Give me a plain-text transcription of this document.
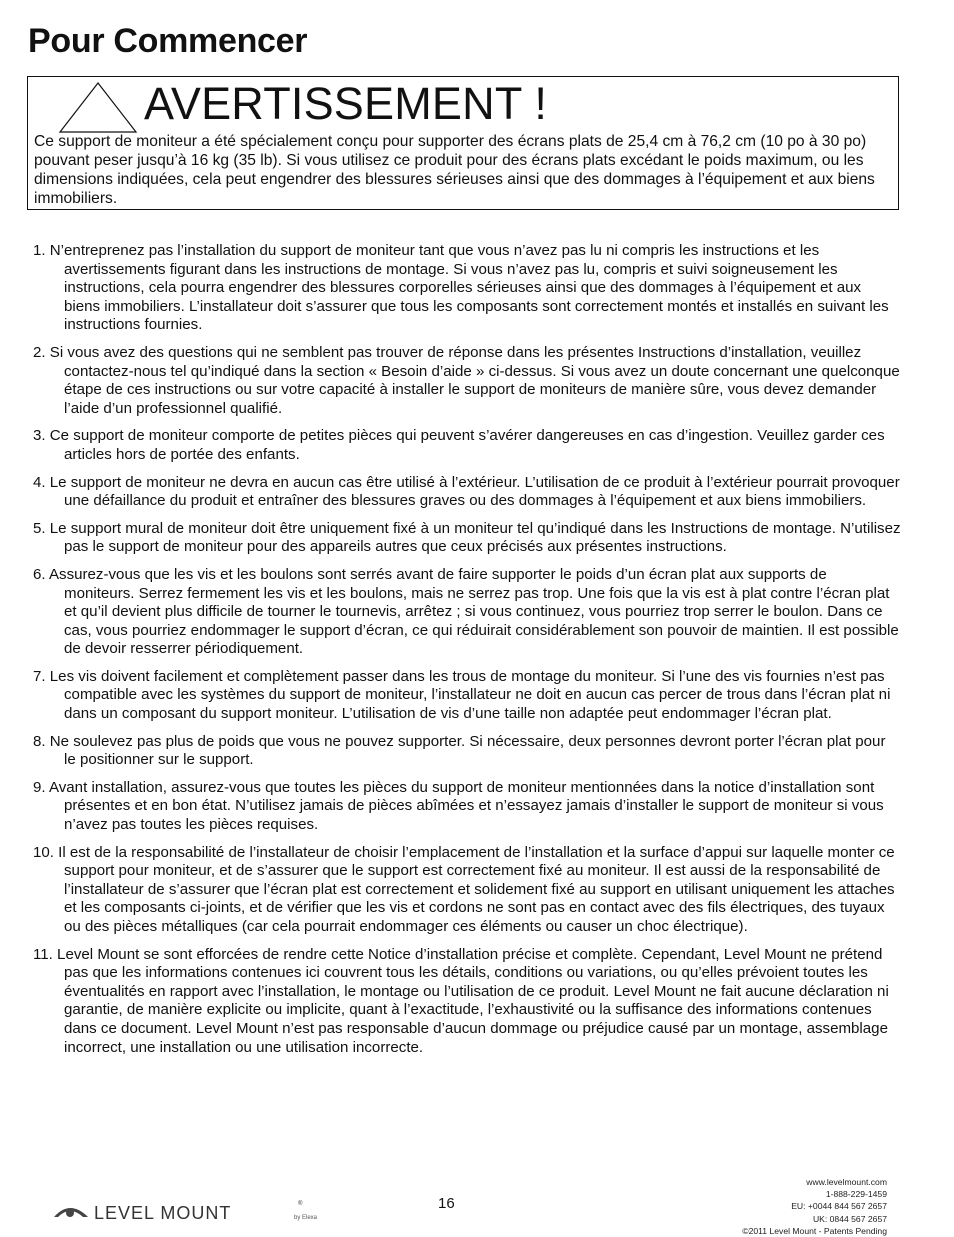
Pour Commencer
AVERTISSEMENT !

Ce support de moniteur a été spécialement conçu pour supporter des écrans plats de 25,4 cm à 76,2 cm (10 po à 30 po) pouvant peser jusqu’à 16 kg (35 lb). Si vous utilisez ce produit pour des écrans plats excédant le poids maximum, ou les dimensions indiquées, cela peut engendrer des blessures sérieuses ainsi que des dommages à l’équipement et aux biens immobiliers.

1. N’entreprenez pas l’installation du support de moniteur tant que vous n’avez pas lu ni compris les instructions et les avertissements figurant dans les instructions de montage. Si vous n’avez pas lu, compris et suivi soigneusement les instructions, cela pourra engendrer des blessures corporelles sérieuses ainsi que des dommages à l’équipement et aux biens immobiliers. L’installateur doit s’assurer que tous les composants sont correctement montés et installés en suivant les instructions fournies.
2. Si vous avez des questions qui ne semblent pas trouver de réponse dans les présentes Instructions d’installation, veuillez contactez-nous tel qu’indiqué dans la section « Besoin d’aide » ci-dessus. Si vous avez un doute concernant une quelconque étape de ces instructions ou sur votre capacité à installer le support de moniteurs de manière sûre, vous devez demander l’aide d’un professionnel qualifié.
3. Ce support de moniteur comporte de petites pièces qui peuvent s’avérer dangereuses en cas d’ingestion. Veuillez garder ces articles hors de portée des enfants.
4. Le support de moniteur ne devra en aucun cas être utilisé à l’extérieur. L’utilisation de ce produit à l’extérieur pourrait provoquer une défaillance du produit et entraîner des blessures graves ou des dommages à l’équipement et aux biens immobiliers.
5. Le support mural de moniteur doit être uniquement fixé à un moniteur tel qu’indiqué dans les Instructions de montage. N’utilisez pas le support de moniteur pour des appareils autres que ceux précisés aux présentes instructions.
6. Assurez-vous que les vis et les boulons sont serrés avant de faire supporter le poids d’un écran plat aux supports de moniteurs. Serrez fermement les vis et les boulons, mais ne serrez pas trop. Une fois que la vis est à plat contre l’écran plat et qu’il devient plus difficile de tourner le tournevis, arrêtez ; si vous continuez, vous pourriez trop serrer le boulon. Dans ce cas, vous pourriez endommager le support d’écran, ce qui réduirait considérablement son pouvoir de maintien. Il est possible de devoir resserrer périodiquement.
7. Les vis doivent facilement et complètement passer dans les trous de montage du moniteur. Si l’une des vis fournies n’est pas compatible avec les systèmes du support de moniteur, l’installateur ne doit en aucun cas percer de trous dans l’écran plat ni dans un composant du support moniteur. L’utilisation de vis d’une taille non adaptée peut endommager l’écran plat.
8. Ne soulevez pas plus de poids que vous ne pouvez supporter. Si nécessaire, deux personnes devront porter l’écran plat pour le positionner sur le support.
9. Avant installation, assurez-vous que toutes les pièces du support de moniteur mentionnées dans la notice d’installation sont présentes et en bon état. N’utilisez jamais de pièces abîmées et n’essayez jamais d’installer le support de moniteur si vous n’avez pas toutes les pièces requises.
10. Il est de la responsabilité de l’installateur de choisir l’emplacement de l’installation et la surface d’appui sur laquelle monter ce support pour moniteur, et de s’assurer que le support est correctement fixé au moniteur. Il est aussi de la responsabilité de l’installateur de s’assurer que l’écran plat est correctement et solidement fixé au support en utilisant uniquement les attaches et les composants ci-joints, et de vérifier que les vis et cordons ne sont pas en contact avec des fils électriques, des tuyaux ou des pièces métalliques (car cela pourrait endommager ces éléments ou causer un choc électrique).
11. Level Mount se sont efforcées de rendre cette Notice d’installation précise et complète. Cependant, Level Mount ne prétend pas que les informations contenues ici couvrent tous les détails, conditions ou variations, ou qu’elles prévoient toutes les éventualités en rapport avec l’installation, le montage ou l’utilisation de ce produit. Level Mount ne fait aucune déclaration ni garantie, de manière explicite ou implicite, quant à l’exactitude, l’exhaustivité ou la suffisance des informations contenues dans ce document. Level Mount n’est pas responsable d’aucun dommage ou préjudice causé par un montage, assemblage incorrect, une installation ou une utilisation incorrecte.
LEVEL MOUNT	®
by Elexa
16
www.levelmount.com
1-888-229-1459
EU: +0044 844 567 2657
UK: 0844 567 2657
©2011 Level Mount - Patents Pending
